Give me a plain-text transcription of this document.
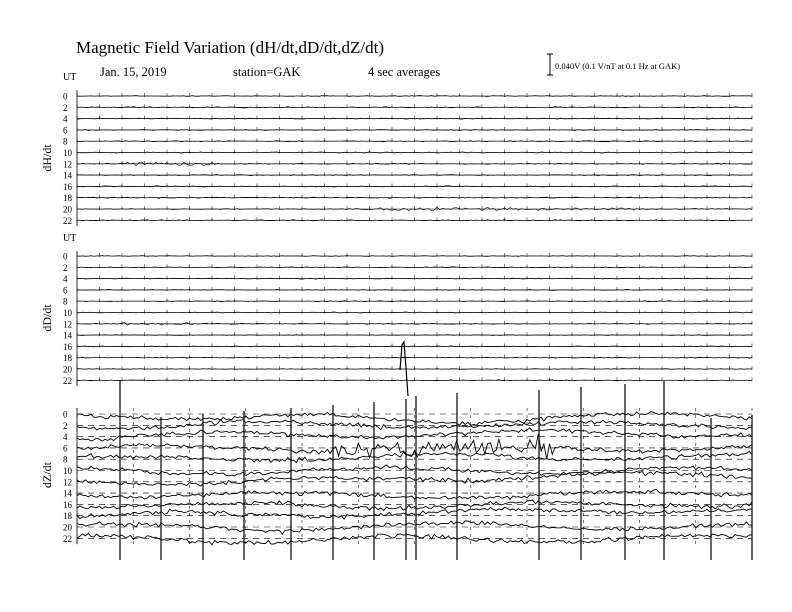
Magnetic Field Variation (dH/dt,dD/dt,dZ/dt)
Jan. 15, 2019	station=GAK	4 sec averages	0.040V (0.1 V/nT at 0.1 Hz at GAK)
UT
dH/dt
0
2
4
6
8
10
12
14
16
18
20
22
UT
dD/dt
0
2
4
6
8
10
12
14
16
18
20
22
dZ/dt
0
2
4
6
8
10
12
14
16
18
20
22
